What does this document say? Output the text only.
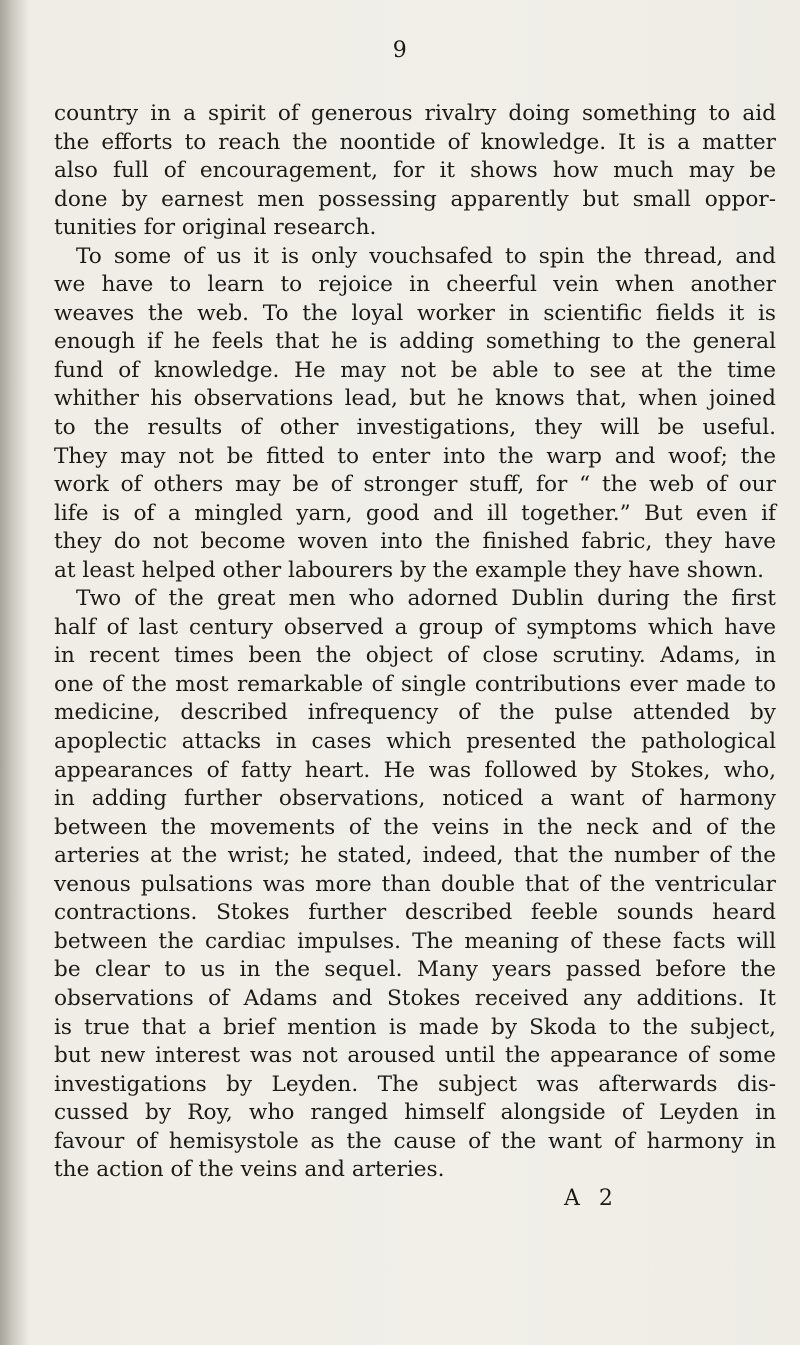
9
country in a spirit of generous rivalry doing something to aid
the efforts to reach the noontide of knowledge. It is a matter
also full of encouragement, for it shows how much may be
done by earnest men possessing apparently but small oppor-
tunities for original research.
To some of us it is only vouchsafed to spin the thread, and
we have to learn to rejoice in cheerful vein when another
weaves the web. To the loyal worker in scientific fields it is
enough if he feels that he is adding something to the general
fund of knowledge. He may not be able to see at the time
whither his observations lead, but he knows that, when joined
to the results of other investigations, they will be useful.
They may not be fitted to enter into the warp and woof; the
work of others may be of stronger stuff, for “ the web of our
life is of a mingled yarn, good and ill together.” But even if
they do not become woven into the finished fabric, they have
at least helped other labourers by the example they have shown.
Two of the great men who adorned Dublin during the first
half of last century observed a group of symptoms which have
in recent times been the object of close scrutiny. Adams, in
one of the most remarkable of single contributions ever made to
medicine, described infrequency of the pulse attended by
apoplectic attacks in cases which presented the pathological
appearances of fatty heart. He was followed by Stokes, who,
in adding further observations, noticed a want of harmony
between the movements of the veins in the neck and of the
arteries at the wrist; he stated, indeed, that the number of the
venous pulsations was more than double that of the ventricular
contractions. Stokes further described feeble sounds heard
between the cardiac impulses. The meaning of these facts will
be clear to us in the sequel. Many years passed before the
observations of Adams and Stokes received any additions. It
is true that a brief mention is made by Skoda to the subject,
but new interest was not aroused until the appearance of some
investigations by Leyden. The subject was afterwards dis-
cussed by Roy, who ranged himself alongside of Leyden in
favour of hemisystole as the cause of the want of harmony in
the action of the veins and arteries.
A 2
